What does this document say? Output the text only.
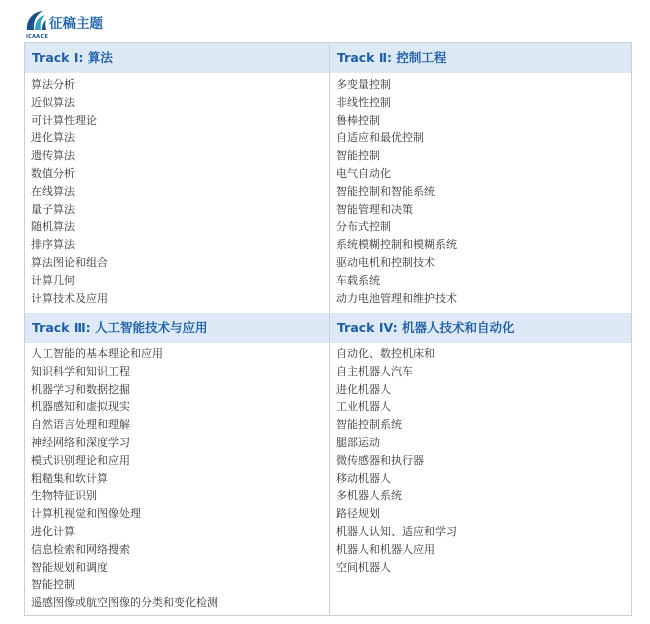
ICAACE
征稿主题
Track Ⅰ: 算法	Track Ⅱ: 控制工程
算法分析
近似算法
可计算性理论
进化算法
遗传算法
数值分析
在线算法
量子算法
随机算法
排序算法
算法图论和组合
计算几何
计算技术及应用
多变量控制
非线性控制
鲁棒控制
自适应和最优控制
智能控制
电气自动化
智能控制和智能系统
智能管理和决策
分布式控制
系统模糊控制和模糊系统
驱动电机和控制技术
车载系统
动力电池管理和维护技术
Track Ⅲ: 人工智能技术与应用	Track IV: 机器人技术和自动化
人工智能的基本理论和应用
知识科学和知识工程
机器学习和数据挖掘
机器感知和虚拟现实
自然语言处理和理解
神经网络和深度学习
模式识别理论和应用
粗糙集和软计算
生物特征识别
计算机视觉和图像处理
进化计算
信息检索和网络搜索
智能规划和调度
智能控制
遥感图像或航空图像的分类和变化检测
自动化、数控机床和
自主机器人汽车
进化机器人
工业机器人
智能控制系统
腿部运动
微传感器和执行器
移动机器人
多机器人系统
路径规划
机器人认知、适应和学习
机器人和机器人应用
空间机器人
